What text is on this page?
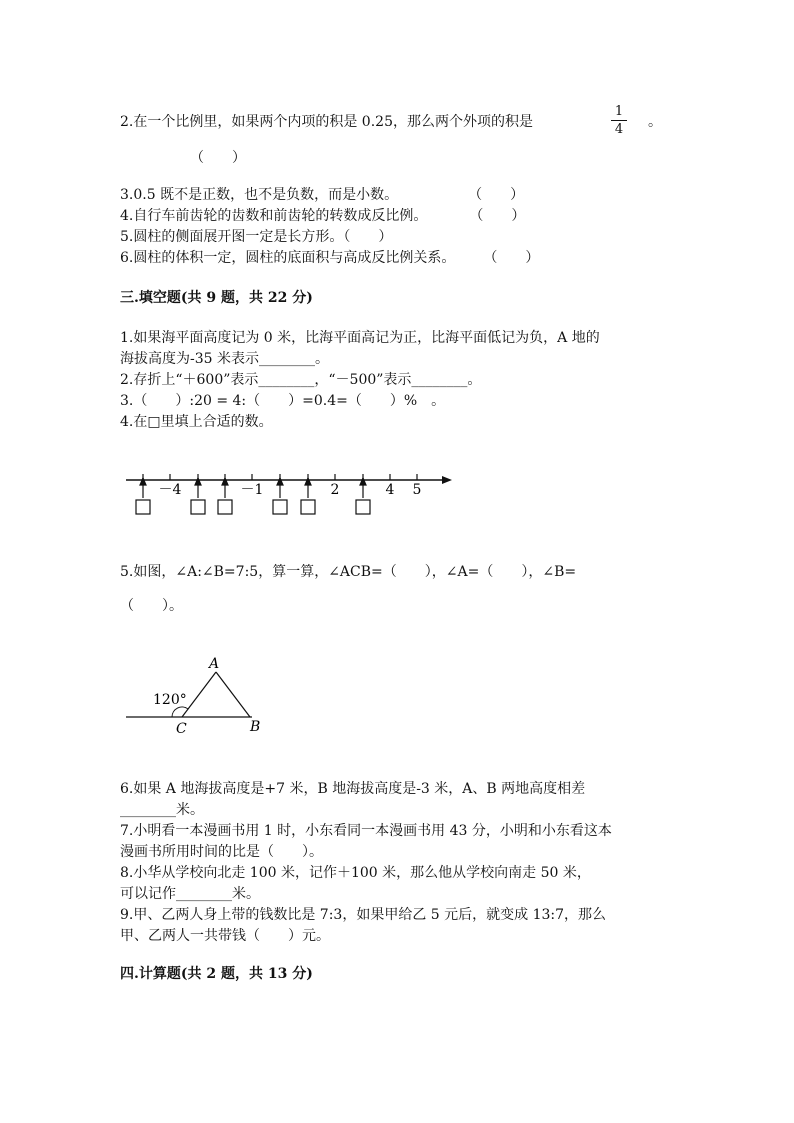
2.在一个比例里，如果两个内项的积是 0.25，那么两个外项的积是
1
4 。
（　　）
3.0.5 既不是正数，也不是负数，而是小数。　　　　　　（　　）
4.自行车前齿轮的齿数和前齿轮的转数成反比例。　　　　（　　）
5.圆柱的侧面展开图一定是长方形。（　　）
6.圆柱的体积一定，圆柱的底面积与高成反比例关系。　　　（　　）
三.填空题(共 9 题，共 22 分)
1.如果海平面高度记为 0 米，比海平面高记为正，比海平面低记为负，A 地的
海拔高度为-35 米表示________。
2.存折上“＋600”表示________，“－500”表示________。
3.（　　）:20 = 4:（　　）=0.4=（　　）%　。
4.在□里填上合适的数。
－4	－1	2	4 5
5.如图，∠A:∠B=7:5，算一算，∠ACB=（　　），∠A=（　　），∠B=
（　　）。
120°
A
B
C
6.如果 A 地海拔高度是+7 米，B 地海拔高度是-3 米，A、B 两地高度相差
________米。
7.小明看一本漫画书用 1 时，小东看同一本漫画书用 43 分，小明和小东看这本
漫画书所用时间的比是（　　）。
8.小华从学校向北走 100 米，记作＋100 米，那么他从学校向南走 50 米，
可以记作________米。
9.甲、乙两人身上带的钱数比是 7:3，如果甲给乙 5 元后，就变成 13:7，那么
甲、乙两人一共带钱（　　）元。
四.计算题(共 2 题，共 13 分)
